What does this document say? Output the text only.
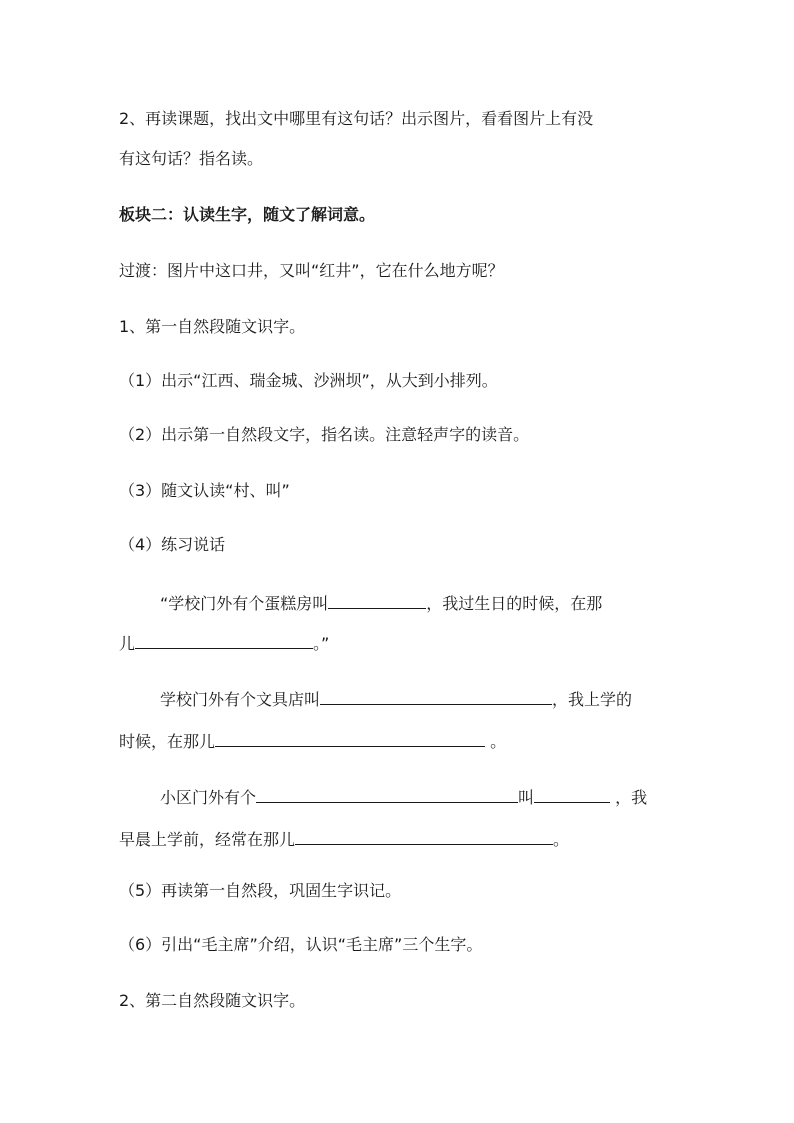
2、再读课题，找出文中哪里有这句话？出示图片，看看图片上有没
有这句话？指名读。
板块二：认读生字，随文了解词意。
过渡：图片中这口井，又叫“红井”，它在什么地方呢？
1、第一自然段随文识字。
（1）出示“江西、瑞金城、沙洲坝”，从大到小排列。
（2）出示第一自然段文字，指名读。注意轻声字的读音。
（3）随文认读“村、叫”
（4）练习说话
“学校门外有个蛋糕房叫	，我过生日的时候，在那
儿	。”
学校门外有个文具店叫	，我上学的
时候，在那儿	。
小区门外有个	叫	，我
早晨上学前，经常在那儿	。
（5）再读第一自然段，巩固生字识记。
（6）引出“毛主席”介绍，认识“毛主席”三个生字。
2、第二自然段随文识字。
